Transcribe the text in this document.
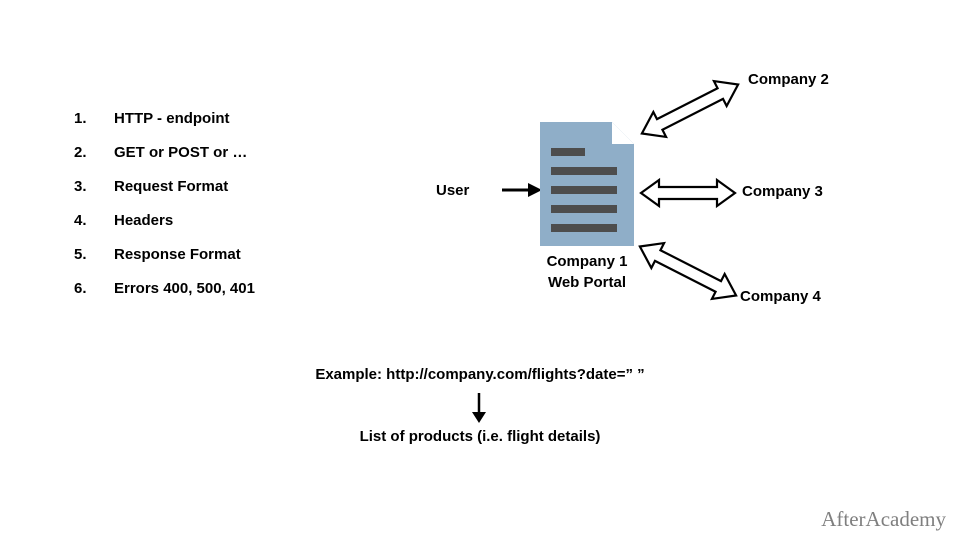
1.	HTTP - endpoint
2.	GET or POST or …
3.	Request Format
4.	Headers
5.	Response Format
6.	Errors 400, 500, 401
User
Company 1
Web Portal
Company 2
Company 3
Company 4
Example: http://company.com/flights?date=” ”
List of products (i.e. flight details)
AfterAcademy
